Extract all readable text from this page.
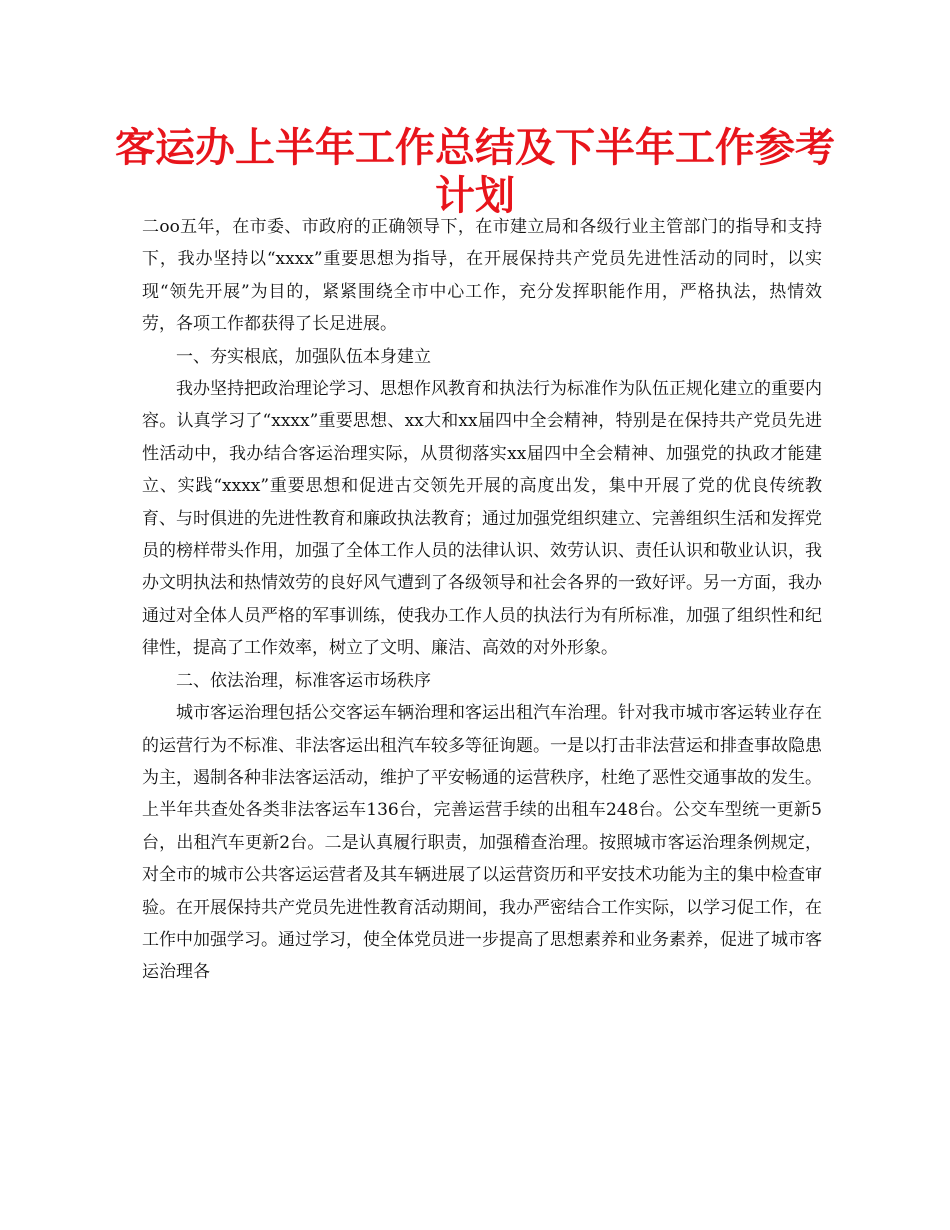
客运办上半年工作总结及下半年工作参考
计划

二oo五年，在市委、市政府的正确领导下，在市建立局和各级行业主管部门的指导和支持下，我办坚持以“xxxx”重要思想为指导，在开展保持共产党员先进性活动的同时，以实现“领先开展”为目的，紧紧围绕全市中心工作，充分发挥职能作用，严格执法，热情效劳，各项工作都获得了长足进展。

一、夯实根底，加强队伍本身建立

我办坚持把政治理论学习、思想作风教育和执法行为标准作为队伍正规化建立的重要内容。认真学习了“xxxx”重要思想、xx大和xx届四中全会精神，特别是在保持共产党员先进性活动中，我办结合客运治理实际，从贯彻落实xx届四中全会精神、加强党的执政才能建立、实践“xxxx”重要思想和促进古交领先开展的高度出发，集中开展了党的优良传统教育、与时俱进的先进性教育和廉政执法教育；通过加强党组织建立、完善组织生活和发挥党员的榜样带头作用，加强了全体工作人员的法律认识、效劳认识、责任认识和敬业认识，我办文明执法和热情效劳的良好风气遭到了各级领导和社会各界的一致好评。另一方面，我办通过对全体人员严格的军事训练，使我办工作人员的执法行为有所标准，加强了组织性和纪律性，提高了工作效率，树立了文明、廉洁、高效的对外形象。

二、依法治理，标准客运市场秩序

城市客运治理包括公交客运车辆治理和客运出租汽车治理。针对我市城市客运转业存在的运营行为不标准、非法客运出租汽车较多等征询题。一是以打击非法营运和排查事故隐患为主，遏制各种非法客运活动，维护了平安畅通的运营秩序，杜绝了恶性交通事故的发生。上半年共查处各类非法客运车136台，完善运营手续的出租车248台。公交车型统一更新5台，出租汽车更新2台。二是认真履行职责，加强稽查治理。按照城市客运治理条例规定，对全市的城市公共客运运营者及其车辆进展了以运营资历和平安技术功能为主的集中检查审验。在开展保持共产党员先进性教育活动期间，我办严密结合工作实际，以学习促工作，在工作中加强学习。通过学习，使全体党员进一步提高了思想素养和业务素养，促进了城市客运治理各
